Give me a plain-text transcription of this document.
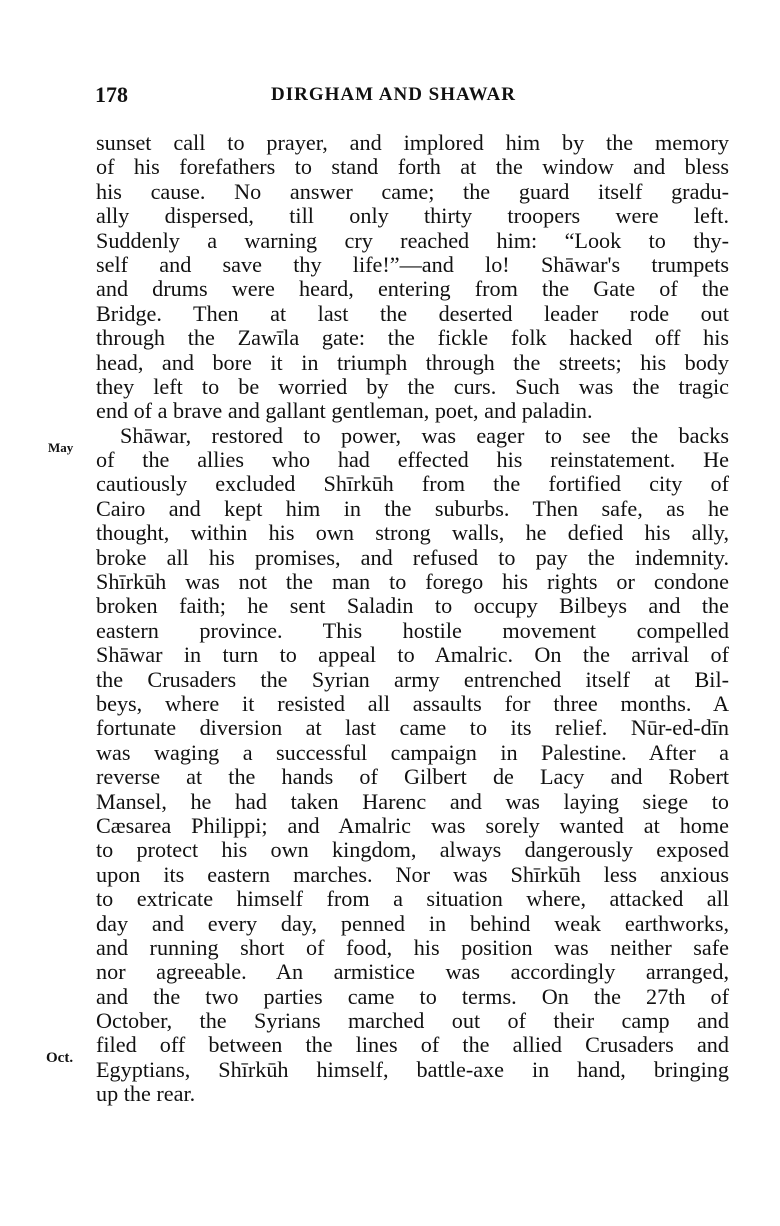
178	DIRGHAM AND SHAWAR
May
Oct.
sunset call to prayer, and implored him by the memory
of his forefathers to stand forth at the window and bless
his cause. No answer came; the guard itself gradu-
ally dispersed, till only thirty troopers were left.
Suddenly a warning cry reached him: “Look to thy-
self and save thy life!”—and lo! Shāwar's trumpets
and drums were heard, entering from the Gate of the
Bridge. Then at last the deserted leader rode out
through the Zawīla gate: the fickle folk hacked off his
head, and bore it in triumph through the streets; his body
they left to be worried by the curs. Such was the tragic
end of a brave and gallant gentleman, poet, and paladin.
Shāwar, restored to power, was eager to see the backs
of the allies who had effected his reinstatement. He
cautiously excluded Shīrkūh from the fortified city of
Cairo and kept him in the suburbs. Then safe, as he
thought, within his own strong walls, he defied his ally,
broke all his promises, and refused to pay the indemnity.
Shīrkūh was not the man to forego his rights or condone
broken faith; he sent Saladin to occupy Bilbeys and the
eastern province. This hostile movement compelled
Shāwar in turn to appeal to Amalric. On the arrival of
the Crusaders the Syrian army entrenched itself at Bil-
beys, where it resisted all assaults for three months. A
fortunate diversion at last came to its relief. Nūr-ed-dīn
was waging a successful campaign in Palestine. After a
reverse at the hands of Gilbert de Lacy and Robert
Mansel, he had taken Harenc and was laying siege to
Cæsarea Philippi; and Amalric was sorely wanted at home
to protect his own kingdom, always dangerously exposed
upon its eastern marches. Nor was Shīrkūh less anxious
to extricate himself from a situation where, attacked all
day and every day, penned in behind weak earthworks,
and running short of food, his position was neither safe
nor agreeable. An armistice was accordingly arranged,
and the two parties came to terms. On the 27th of
October, the Syrians marched out of their camp and
filed off between the lines of the allied Crusaders and
Egyptians, Shīrkūh himself, battle-axe in hand, bringing
up the rear.
